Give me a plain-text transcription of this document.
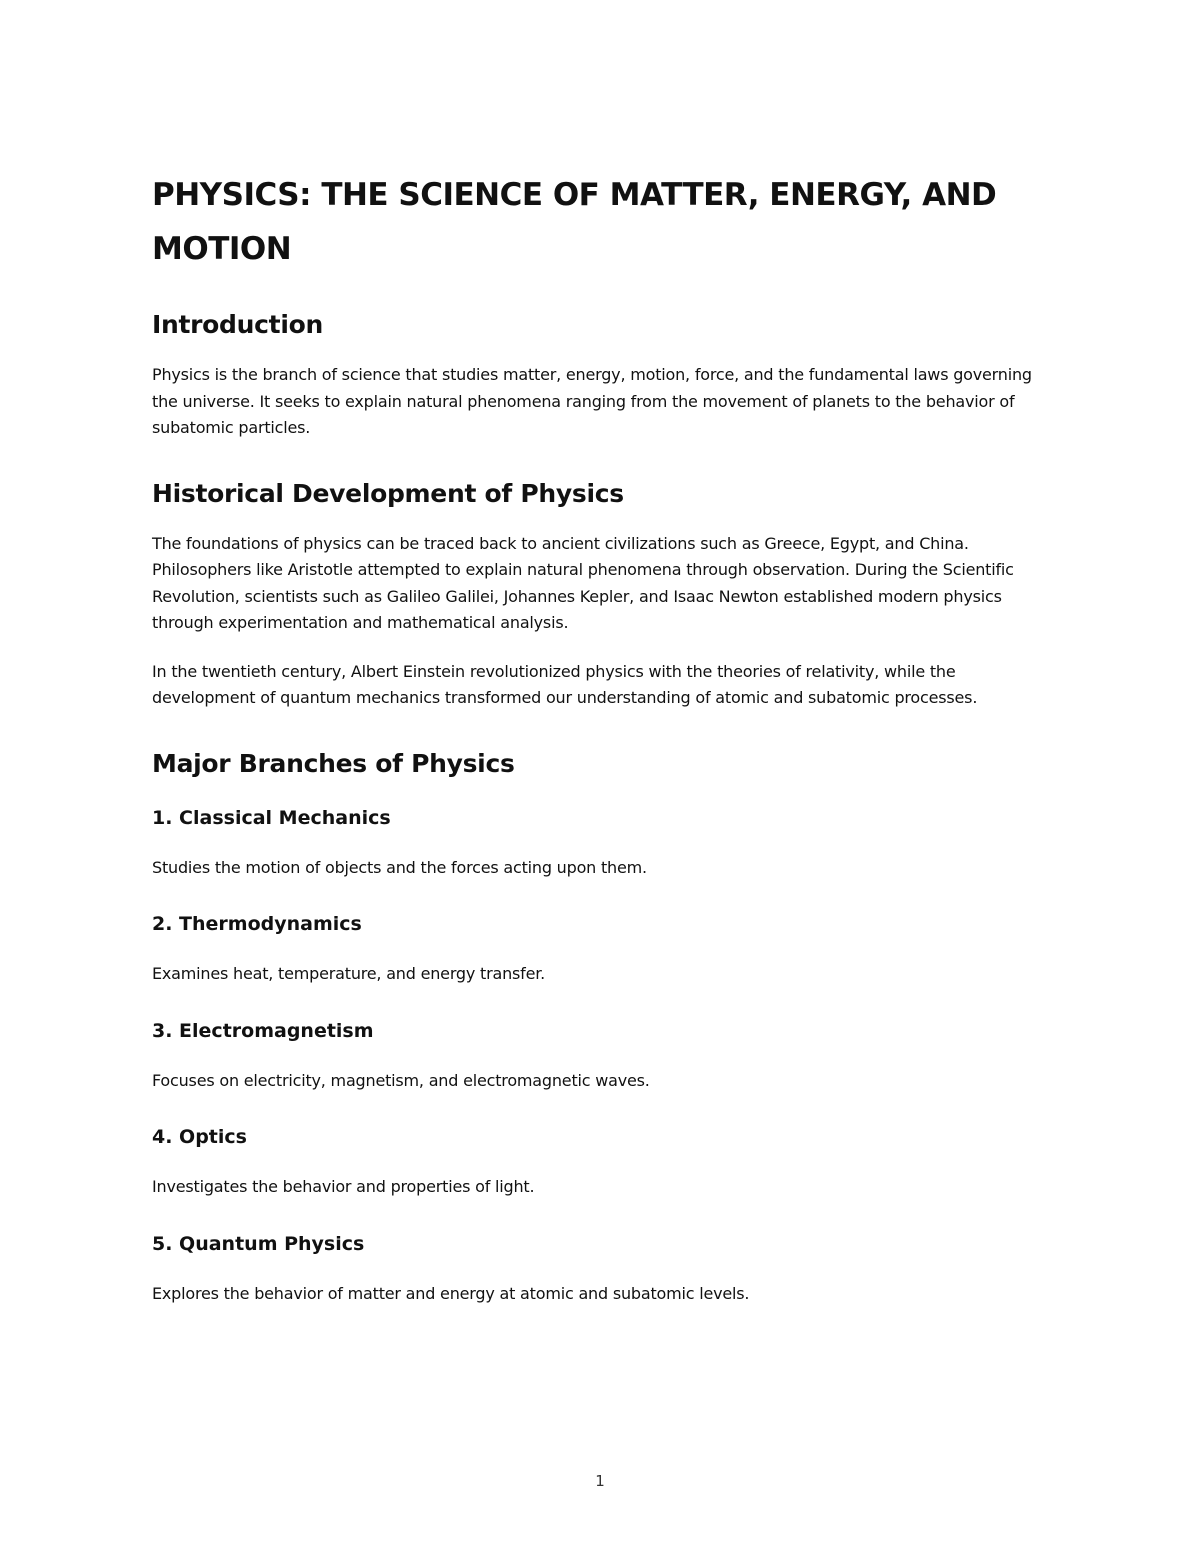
PHYSICS: THE SCIENCE OF MATTER, ENERGY, AND MOTION
Introduction

Physics is the branch of science that studies matter, energy, motion, force, and the fundamental laws governing the universe. It seeks to explain natural phenomena ranging from the movement of planets to the behavior of subatomic particles.

Historical Development of Physics

The foundations of physics can be traced back to ancient civilizations such as Greece, Egypt, and China. Philosophers like Aristotle attempted to explain natural phenomena through observation. During the Scientific Revolution, scientists such as Galileo Galilei, Johannes Kepler, and Isaac Newton established modern physics through experimentation and mathematical analysis.

In the twentieth century, Albert Einstein revolutionized physics with the theories of relativity, while the development of quantum mechanics transformed our understanding of atomic and subatomic processes.

Major Branches of Physics
1. Classical Mechanics

Studies the motion of objects and the forces acting upon them.

2. Thermodynamics

Examines heat, temperature, and energy transfer.

3. Electromagnetism

Focuses on electricity, magnetism, and electromagnetic waves.

4. Optics

Investigates the behavior and properties of light.

5. Quantum Physics

Explores the behavior of matter and energy at atomic and subatomic levels.

1
